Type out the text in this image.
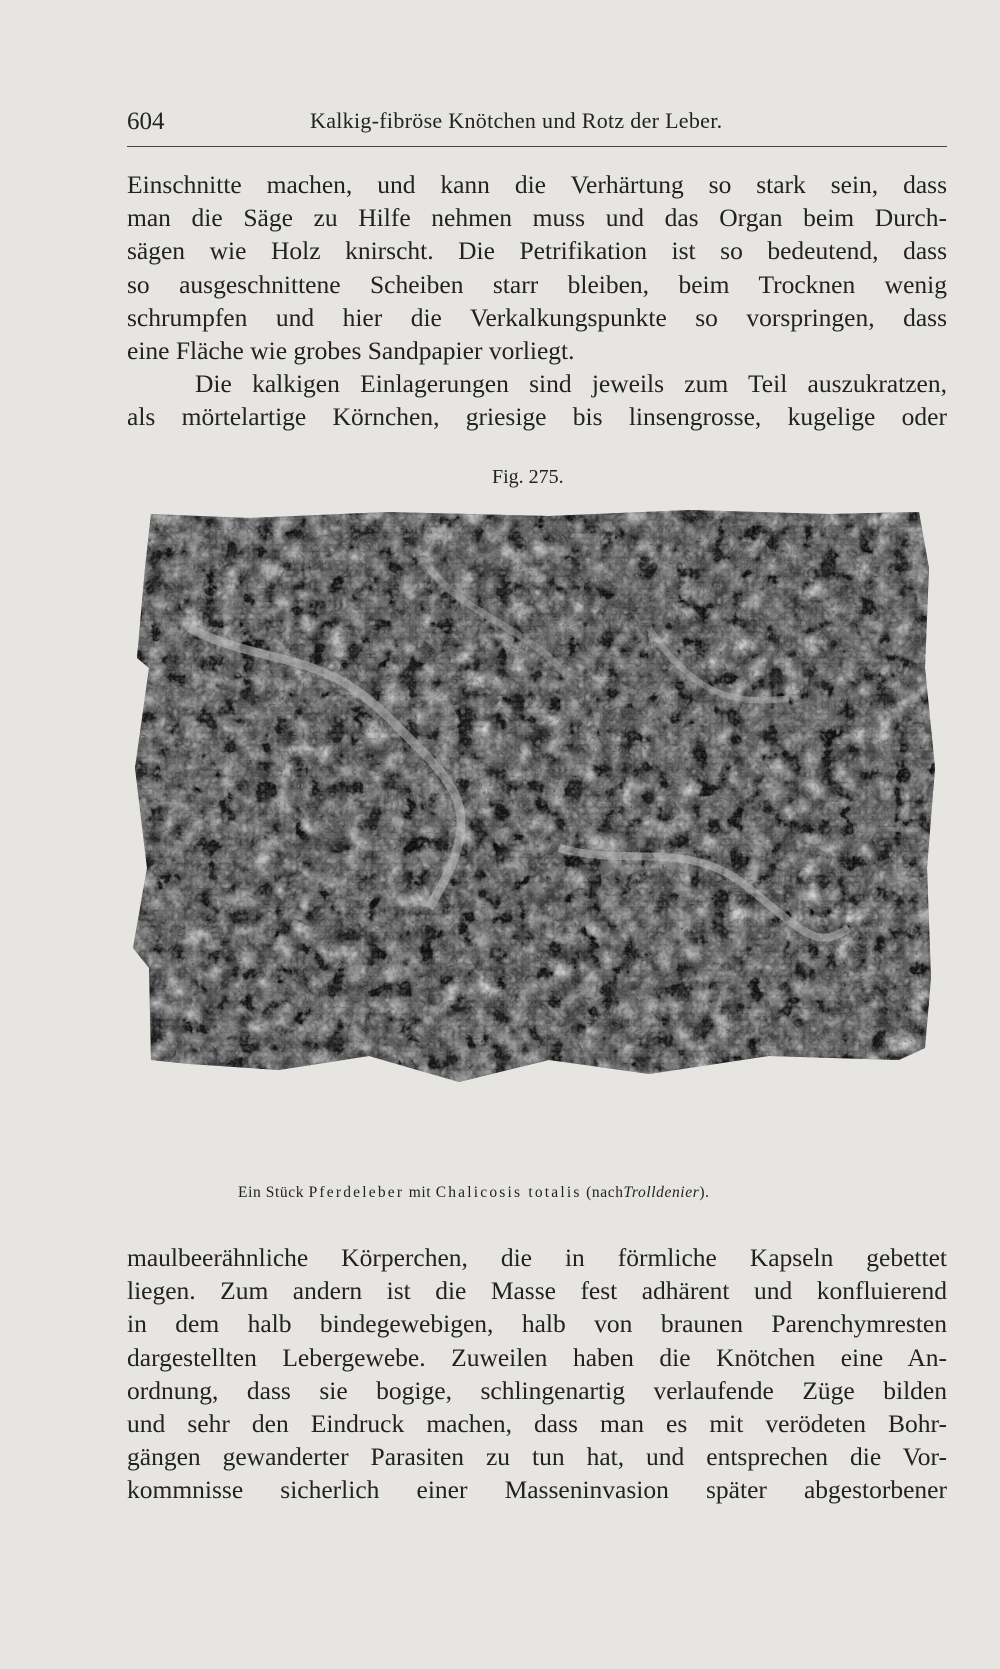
604	Kalkig-fibröse Knötchen und Rotz der Leber.

Einschnitte machen, und kann die Verhärtung so stark sein, dass
man die Säge zu Hilfe nehmen muss und das Organ beim Durch-
sägen wie Holz knirscht. Die Petrifikation ist so bedeutend, dass
so ausgeschnittene Scheiben starr bleiben, beim Trocknen wenig
schrumpfen und hier die Verkalkungspunkte so vorspringen, dass
eine Fläche wie grobes Sandpapier vorliegt.

Die kalkigen Einlagerungen sind jeweils zum Teil auszukratzen,
als mörtelartige Körnchen, griesige bis linsengrosse, kugelige oder

Fig. 275.
Ein Stück Pferdeleber mit Chalicosis totalis (nachTrolldenier).

maulbeerähnliche Körperchen, die in förmliche Kapseln gebettet
liegen. Zum andern ist die Masse fest adhärent und konfluierend
in dem halb bindegewebigen, halb von braunen Parenchymresten
dargestellten Lebergewebe. Zuweilen haben die Knötchen eine An-
ordnung, dass sie bogige, schlingenartig verlaufende Züge bilden
und sehr den Eindruck machen, dass man es mit verödeten Bohr-
gängen gewanderter Parasiten zu tun hat, und entsprechen die Vor-
kommnisse sicherlich einer Masseninvasion später abgestorbener
